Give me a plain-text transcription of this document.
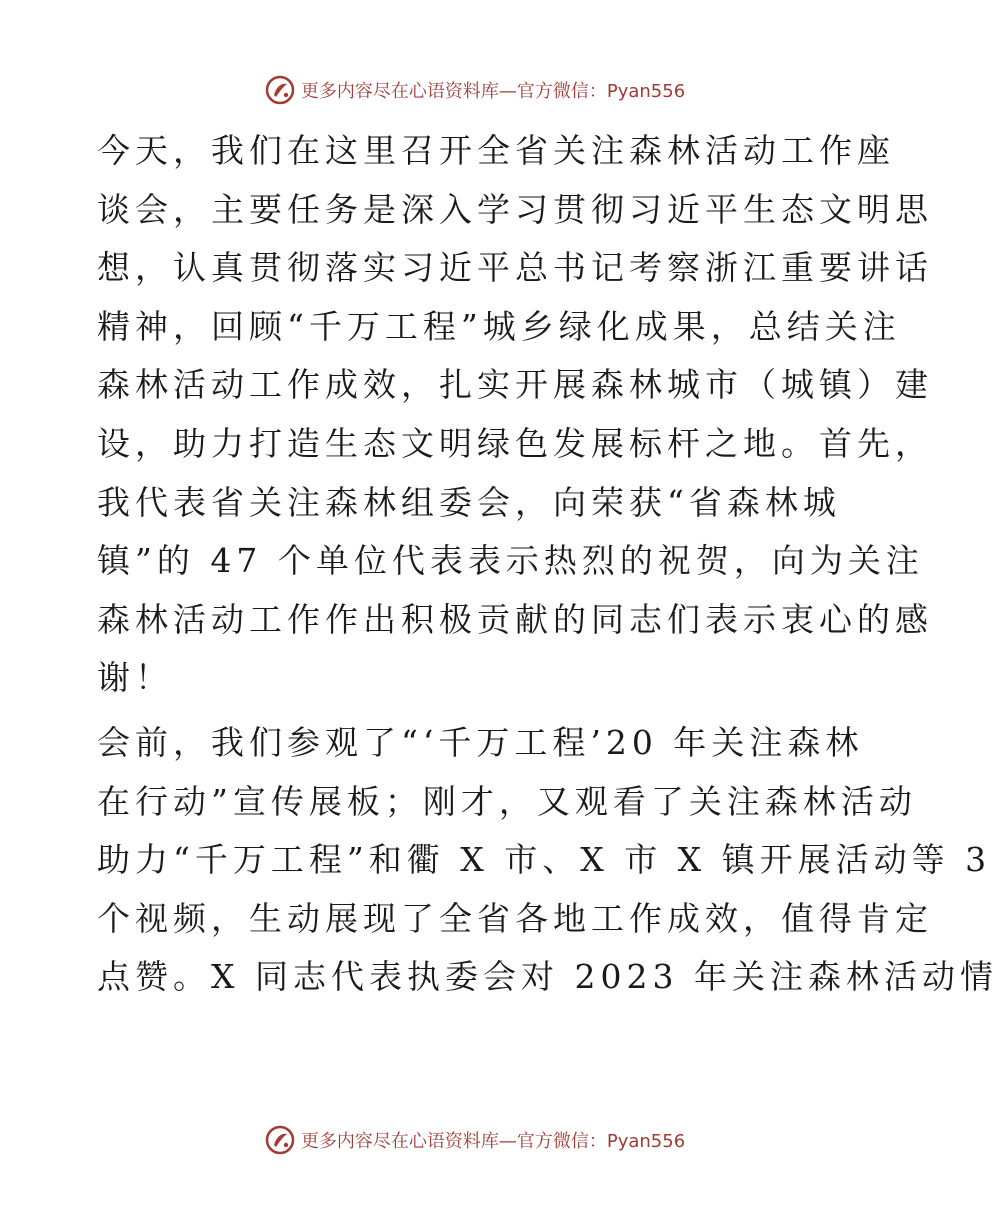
更多内容尽在心语资料库—官方微信：Pyan556
今天，我们在这里召开全省关注森林活动工作座
谈会，主要任务是深入学习贯彻习近平生态文明思
想，认真贯彻落实习近平总书记考察浙江重要讲话
精神，回顾“千万工程”城乡绿化成果，总结关注
森林活动工作成效，扎实开展森林城市（城镇）建
设，助力打造生态文明绿色发展标杆之地。首先，
我代表省关注森林组委会，向荣获“省森林城
镇”的 47 个单位代表表示热烈的祝贺，向为关注
森林活动工作作出积极贡献的同志们表示衷心的感
谢！
会前，我们参观了“‘千万工程’20 年关注森林
在行动”宣传展板；刚才，又观看了关注森林活动
助力“千万工程”和衢 X 市、X 市 X 镇开展活动等 3
个视频，生动展现了全省各地工作成效，值得肯定
点赞。X 同志代表执委会对 2023 年关注森林活动情
更多内容尽在心语资料库—官方微信：Pyan556
